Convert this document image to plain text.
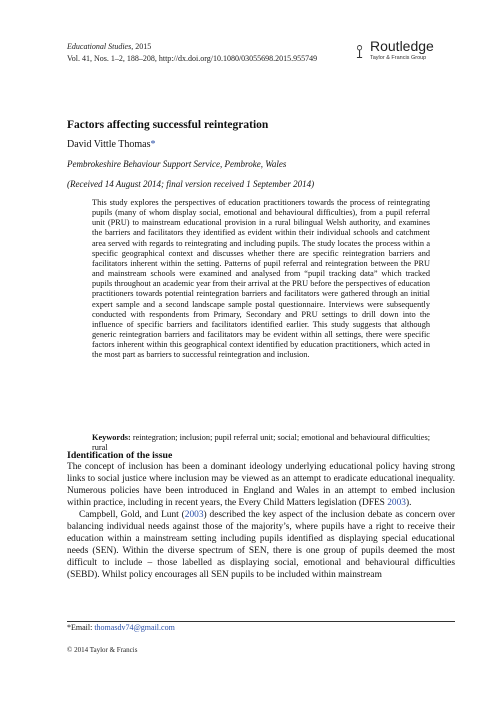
Educational Studies, 2015
Vol. 41, Nos. 1–2, 188–208, http://dx.doi.org/10.1080/03055698.2015.955749 ⟟ Routledge
Taylor & Francis Group
Factors affecting successful reintegration
David Vittle Thomas*
Pembrokeshire Behaviour Support Service, Pembroke, Wales
(Received 14 August 2014; final version received 1 September 2014)
This study explores the perspectives of education practitioners towards the process of reintegrating pupils (many of whom display social, emotional and behavioural difficulties), from a pupil referral unit (PRU) to mainstream educational provision in a rural bilingual Welsh authority, and examines the barriers and facilitators they identified as evident within their individual schools and catchment area served with regards to reintegrating and including pupils. The study locates the process within a specific geographical context and discusses whether there are specific reintegration barriers and facilitators inherent within the setting. Patterns of pupil referral and reintegration between the PRU and mainstream schools were examined and analysed from “pupil tracking data” which tracked pupils throughout an academic year from their arrival at the PRU before the perspectives of education practitioners towards potential reintegration barriers and facilitators were gathered through an initial expert sample and a second landscape sample postal questionnaire. Interviews were subsequently conducted with respondents from Primary, Secondary and PRU settings to drill down into the influence of specific barriers and facilitators identified earlier. This study suggests that although generic reintegration barriers and facilitators may be evident within all settings, there were specific factors inherent within this geographical context identified by education practitioners, which acted in the most part as barriers to successful reintegration and inclusion.
Keywords: reintegration; inclusion; pupil referral unit; social; emotional and behavioural difficulties; rural
Identification of the issue

The concept of inclusion has been a dominant ideology underlying educational policy having strong links to social justice where inclusion may be viewed as an attempt to eradicate educational inequality. Numerous policies have been introduced in England and Wales in an attempt to embed inclusion within practice, including in recent years, the Every Child Matters legislation (DFES 2003).

Campbell, Gold, and Lunt (2003) described the key aspect of the inclusion debate as concern over balancing individual needs against those of the majority’s, where pupils have a right to receive their education within a mainstream setting including pupils identified as displaying special educational needs (SEN). Within the diverse spectrum of SEN, there is one group of pupils deemed the most difficult to include – those labelled as displaying social, emotional and behavioural difficulties (SEBD). Whilst policy encourages all SEN pupils to be included within mainstream

*Email: thomasdv74@gmail.com
© 2014 Taylor & Francis
